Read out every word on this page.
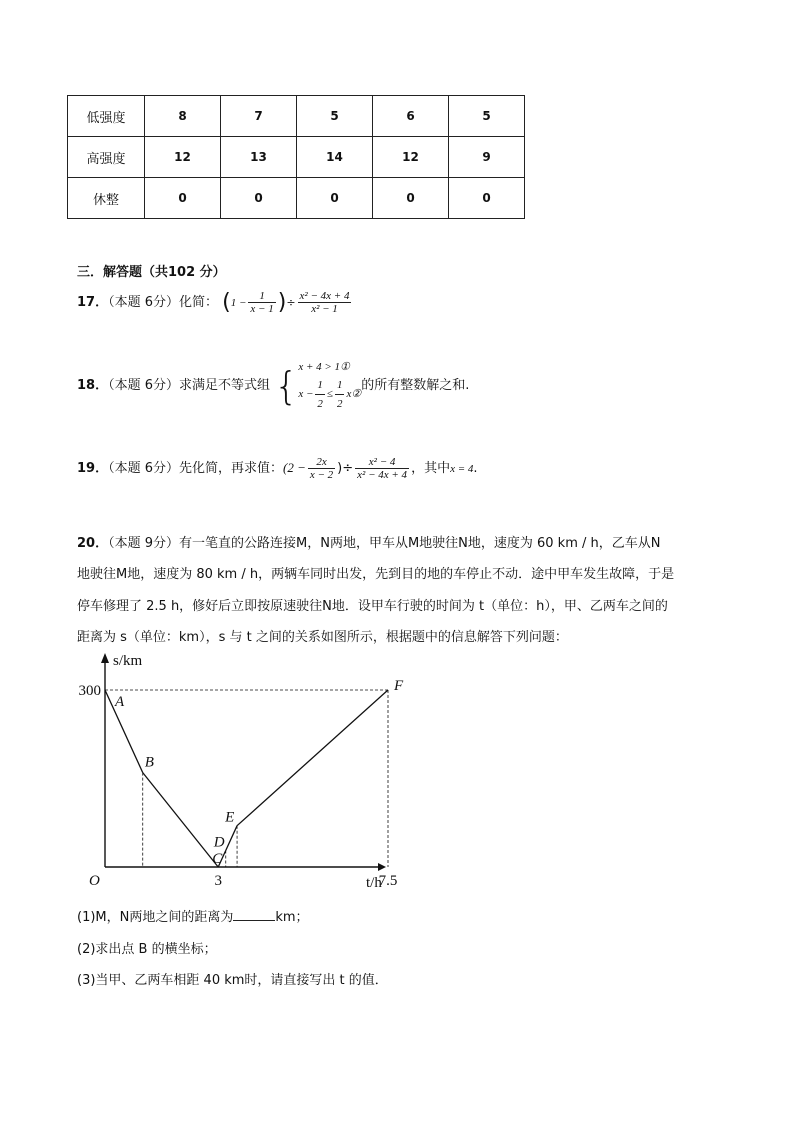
低强度	8	7	5	6	5
高强度	12	13	14	12	9
休整	0	0	0	0	0
三．解答题（共102 分）
17．（本题 6分）化简： ($1 - \frac{1}{x - 1}$ )÷ $\frac{\text{x² − 4x + 4}}{\text{x² − 1}}$
18．（本题 6分）求满足不等式组 { x + 4 > 1①
$x - \frac{1}{2} \le \frac{1}{2}$ x②
的所有整数解之和.
19．（本题 6分）先化简，再求值：($2 - \frac{2x}{x - 2}$ )÷ $\frac{\text{x² − 4}}{\text{x² − 4x + 4}}$ ，其中x = 4.
20．（本题 9分）有一笔直的公路连接M，N两地，甲车从M地驶往N地，速度为 60 km / h，乙车从N
地驶往M地，速度为 80 km / h，两辆车同时出发，先到目的地的车停止不动．途中甲车发生故障，于是
停车修理了 2.5 h，修好后立即按原速驶往N地．设甲车行驶的时间为 t（单位：h），甲、乙两车之间的
距离为 s（单位：km），s 与 t 之间的关系如图所示，根据题中的信息解答下列问题：
A
B
C
D
E
F
300
3	7.5
O
s/km
t/h
(1)M，N两地之间的距离为	km；
(2)求出点 B 的横坐标；
(3)当甲、乙两车相距 40 km时，请直接写出 t 的值．
